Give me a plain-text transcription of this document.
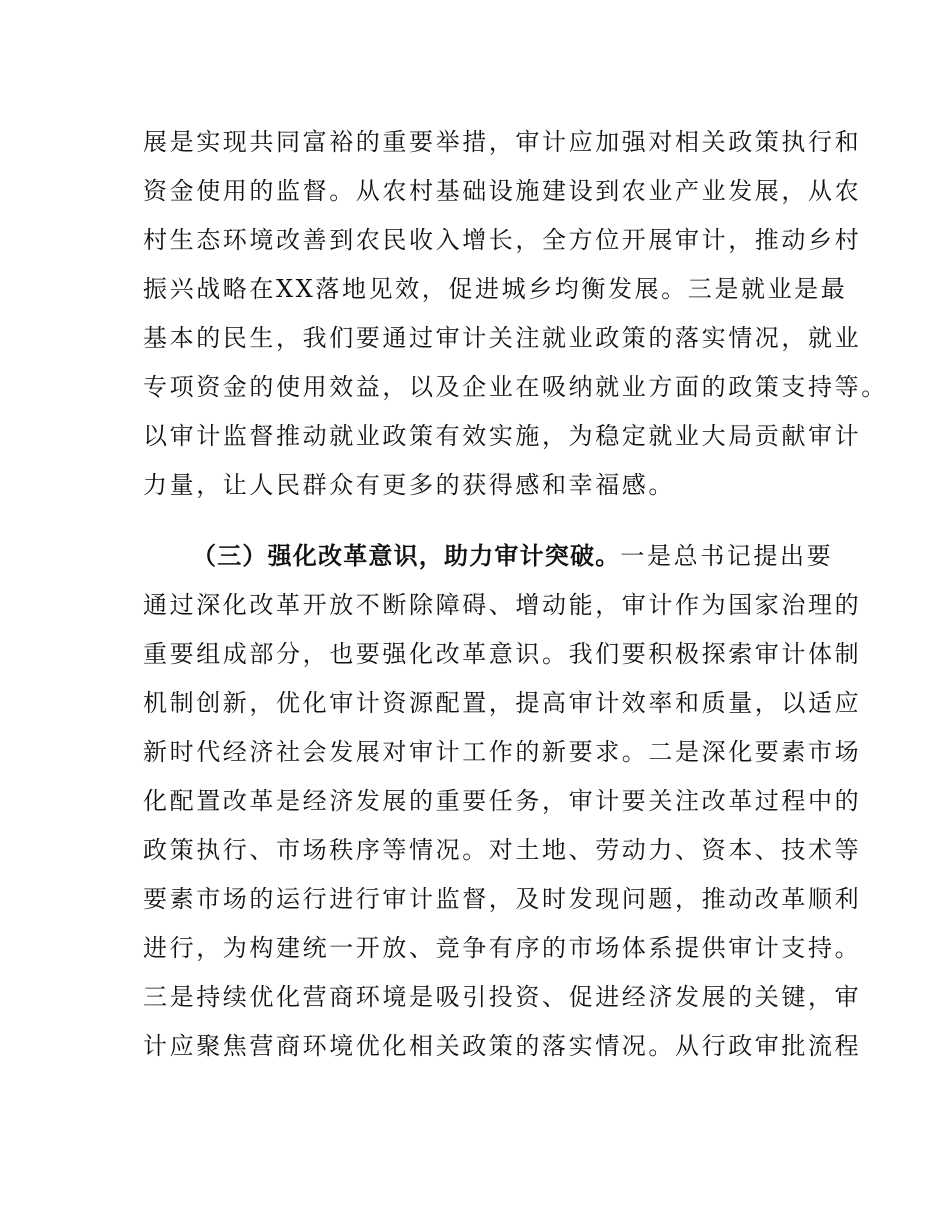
展是实现共同富裕的重要举措，审计应加强对相关政策执行和
资金使用的监督。从农村基础设施建设到农业产业发展，从农
村生态环境改善到农民收入增长，全方位开展审计，推动乡村
振兴战略在XX落地见效，促进城乡均衡发展。三是就业是最
基本的民生，我们要通过审计关注就业政策的落实情况，就业
专项资金的使用效益，以及企业在吸纳就业方面的政策支持等。
以审计监督推动就业政策有效实施，为稳定就业大局贡献审计
力量，让人民群众有更多的获得感和幸福感。
（三）强化改革意识，助力审计突破。一是总书记提出要
通过深化改革开放不断除障碍、增动能，审计作为国家治理的
重要组成部分，也要强化改革意识。我们要积极探索审计体制
机制创新，优化审计资源配置，提高审计效率和质量，以适应
新时代经济社会发展对审计工作的新要求。二是深化要素市场
化配置改革是经济发展的重要任务，审计要关注改革过程中的
政策执行、市场秩序等情况。对土地、劳动力、资本、技术等
要素市场的运行进行审计监督，及时发现问题，推动改革顺利
进行，为构建统一开放、竞争有序的市场体系提供审计支持。
三是持续优化营商环境是吸引投资、促进经济发展的关键，审
计应聚焦营商环境优化相关政策的落实情况。从行政审批流程
